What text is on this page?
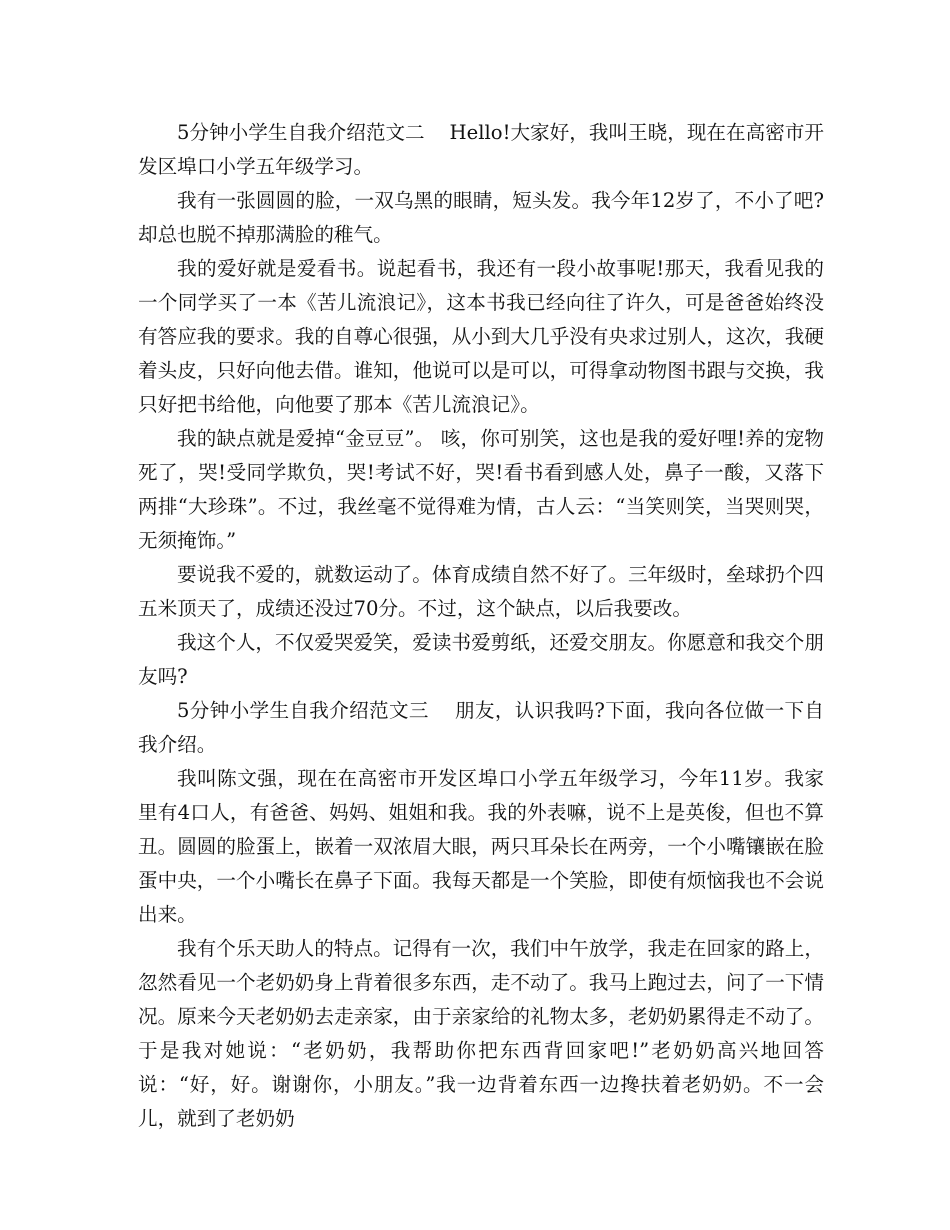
5分钟小学生自我介绍范文二    Hello!大家好，我叫王晓，现在在高密市开发区埠口小学五年级学习。

我有一张圆圆的脸，一双乌黑的眼睛，短头发。我今年12岁了，不小了吧?却总也脱不掉那满脸的稚气。

我的爱好就是爱看书。说起看书，我还有一段小故事呢!那天，我看见我的一个同学买了一本《苦儿流浪记》，这本书我已经向往了许久，可是爸爸始终没有答应我的要求。我的自尊心很强，从小到大几乎没有央求过别人，这次，我硬着头皮，只好向他去借。谁知，他说可以是可以，可得拿动物图书跟与交换，我只好把书给他，向他要了那本《苦儿流浪记》。

我的缺点就是爱掉“金豆豆”。 咳，你可别笑，这也是我的爱好哩!养的宠物死了，哭!受同学欺负，哭!考试不好，哭!看书看到感人处，鼻子一酸，又落下两排“大珍珠”。不过，我丝毫不觉得难为情，古人云：“当笑则笑，当哭则哭，无须掩饰。”

要说我不爱的，就数运动了。体育成绩自然不好了。三年级时，垒球扔个四五米顶天了，成绩还没过70分。不过，这个缺点，以后我要改。

我这个人，不仅爱哭爱笑，爱读书爱剪纸，还爱交朋友。你愿意和我交个朋友吗?

5分钟小学生自我介绍范文三    朋友，认识我吗?下面，我向各位做一下自我介绍。

我叫陈文强，现在在高密市开发区埠口小学五年级学习，今年11岁。我家里有4口人，有爸爸、妈妈、姐姐和我。我的外表嘛，说不上是英俊，但也不算丑。圆圆的脸蛋上，嵌着一双浓眉大眼，两只耳朵长在两旁，一个小嘴镶嵌在脸蛋中央，一个小嘴长在鼻子下面。我每天都是一个笑脸，即使有烦恼我也不会说出来。

我有个乐天助人的特点。记得有一次，我们中午放学，我走在回家的路上，忽然看见一个老奶奶身上背着很多东西，走不动了。我马上跑过去，问了一下情况。原来今天老奶奶去走亲家，由于亲家给的礼物太多，老奶奶累得走不动了。于是我对她说：“老奶奶，我帮助你把东西背回家吧!”老奶奶高兴地回答说：“好，好。谢谢你，小朋友。”我一边背着东西一边搀扶着老奶奶。不一会儿，就到了老奶奶
